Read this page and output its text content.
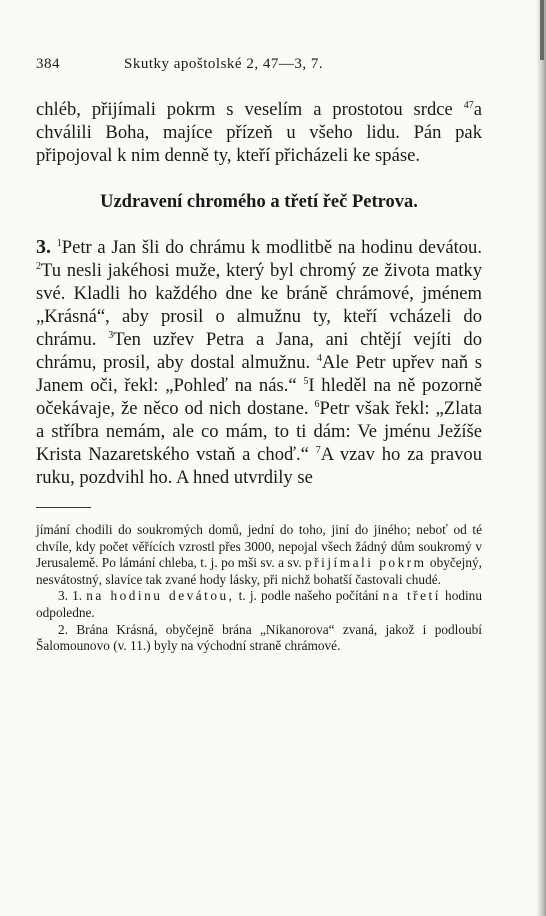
384	Skutky apoštolské 2, 47—3, 7.

chléb, přijímali pokrm s veselím a prostotou srdce $^{47}$a chválili Boha, majíce přízeň u všeho lidu. Pán pak připojoval k nim denně ty, kteří přicházeli ke spáse.

Uzdravení chromého a třetí řeč Petrova.

3. $^1$Petr a Jan šli do chrámu k modlitbě na hodinu devátou. $^2$Tu nesli jakéhosi muže, který byl chromý ze života matky své. Kladli ho každého dne ke bráně chrámové, jménem „Krásná“, aby prosil o almužnu ty, kteří vcházeli do chrámu. $^3$Ten uzřev Petra a Jana, ani chtějí vejíti do chrámu, prosil, aby dostal almužnu. $^4$Ale Petr upřev naň s Janem oči, řekl: „Pohleď na nás.“ $^5$I hleděl na ně pozorně očekávaje, že něco od nich dostane. $^6$Petr však řekl: „Zlata a stříbra nemám, ale co mám, to ti dám: Ve jménu Ježíše Krista Nazaretského vstaň a choď.“ $^7$A vzav ho za pravou ruku, pozdvihl ho. A hned utvrdily se

jímání chodili do soukromých domů, jední do toho, jiní do jiného; neboť od té chvíle, kdy počet věřících vzrostl přes 3000, nepojal všech žádný dům soukromý v Jerusalemě. Po lámání chleba, t. j. po mši sv. a sv. přijímali pokrm obyčejný, nesvátostný, slavíce tak zvané hody lásky, při nichž bohatší častovali chudé.

3. 1. na hodinu devátou, t. j. podle našeho počítání na třetí hodinu odpoledne.

2. Brána Krásná, obyčejně brána „Nikanorova“ zvaná, jakož i podloubí Šalomounovo (v. 11.) byly na východní straně chrámové.
